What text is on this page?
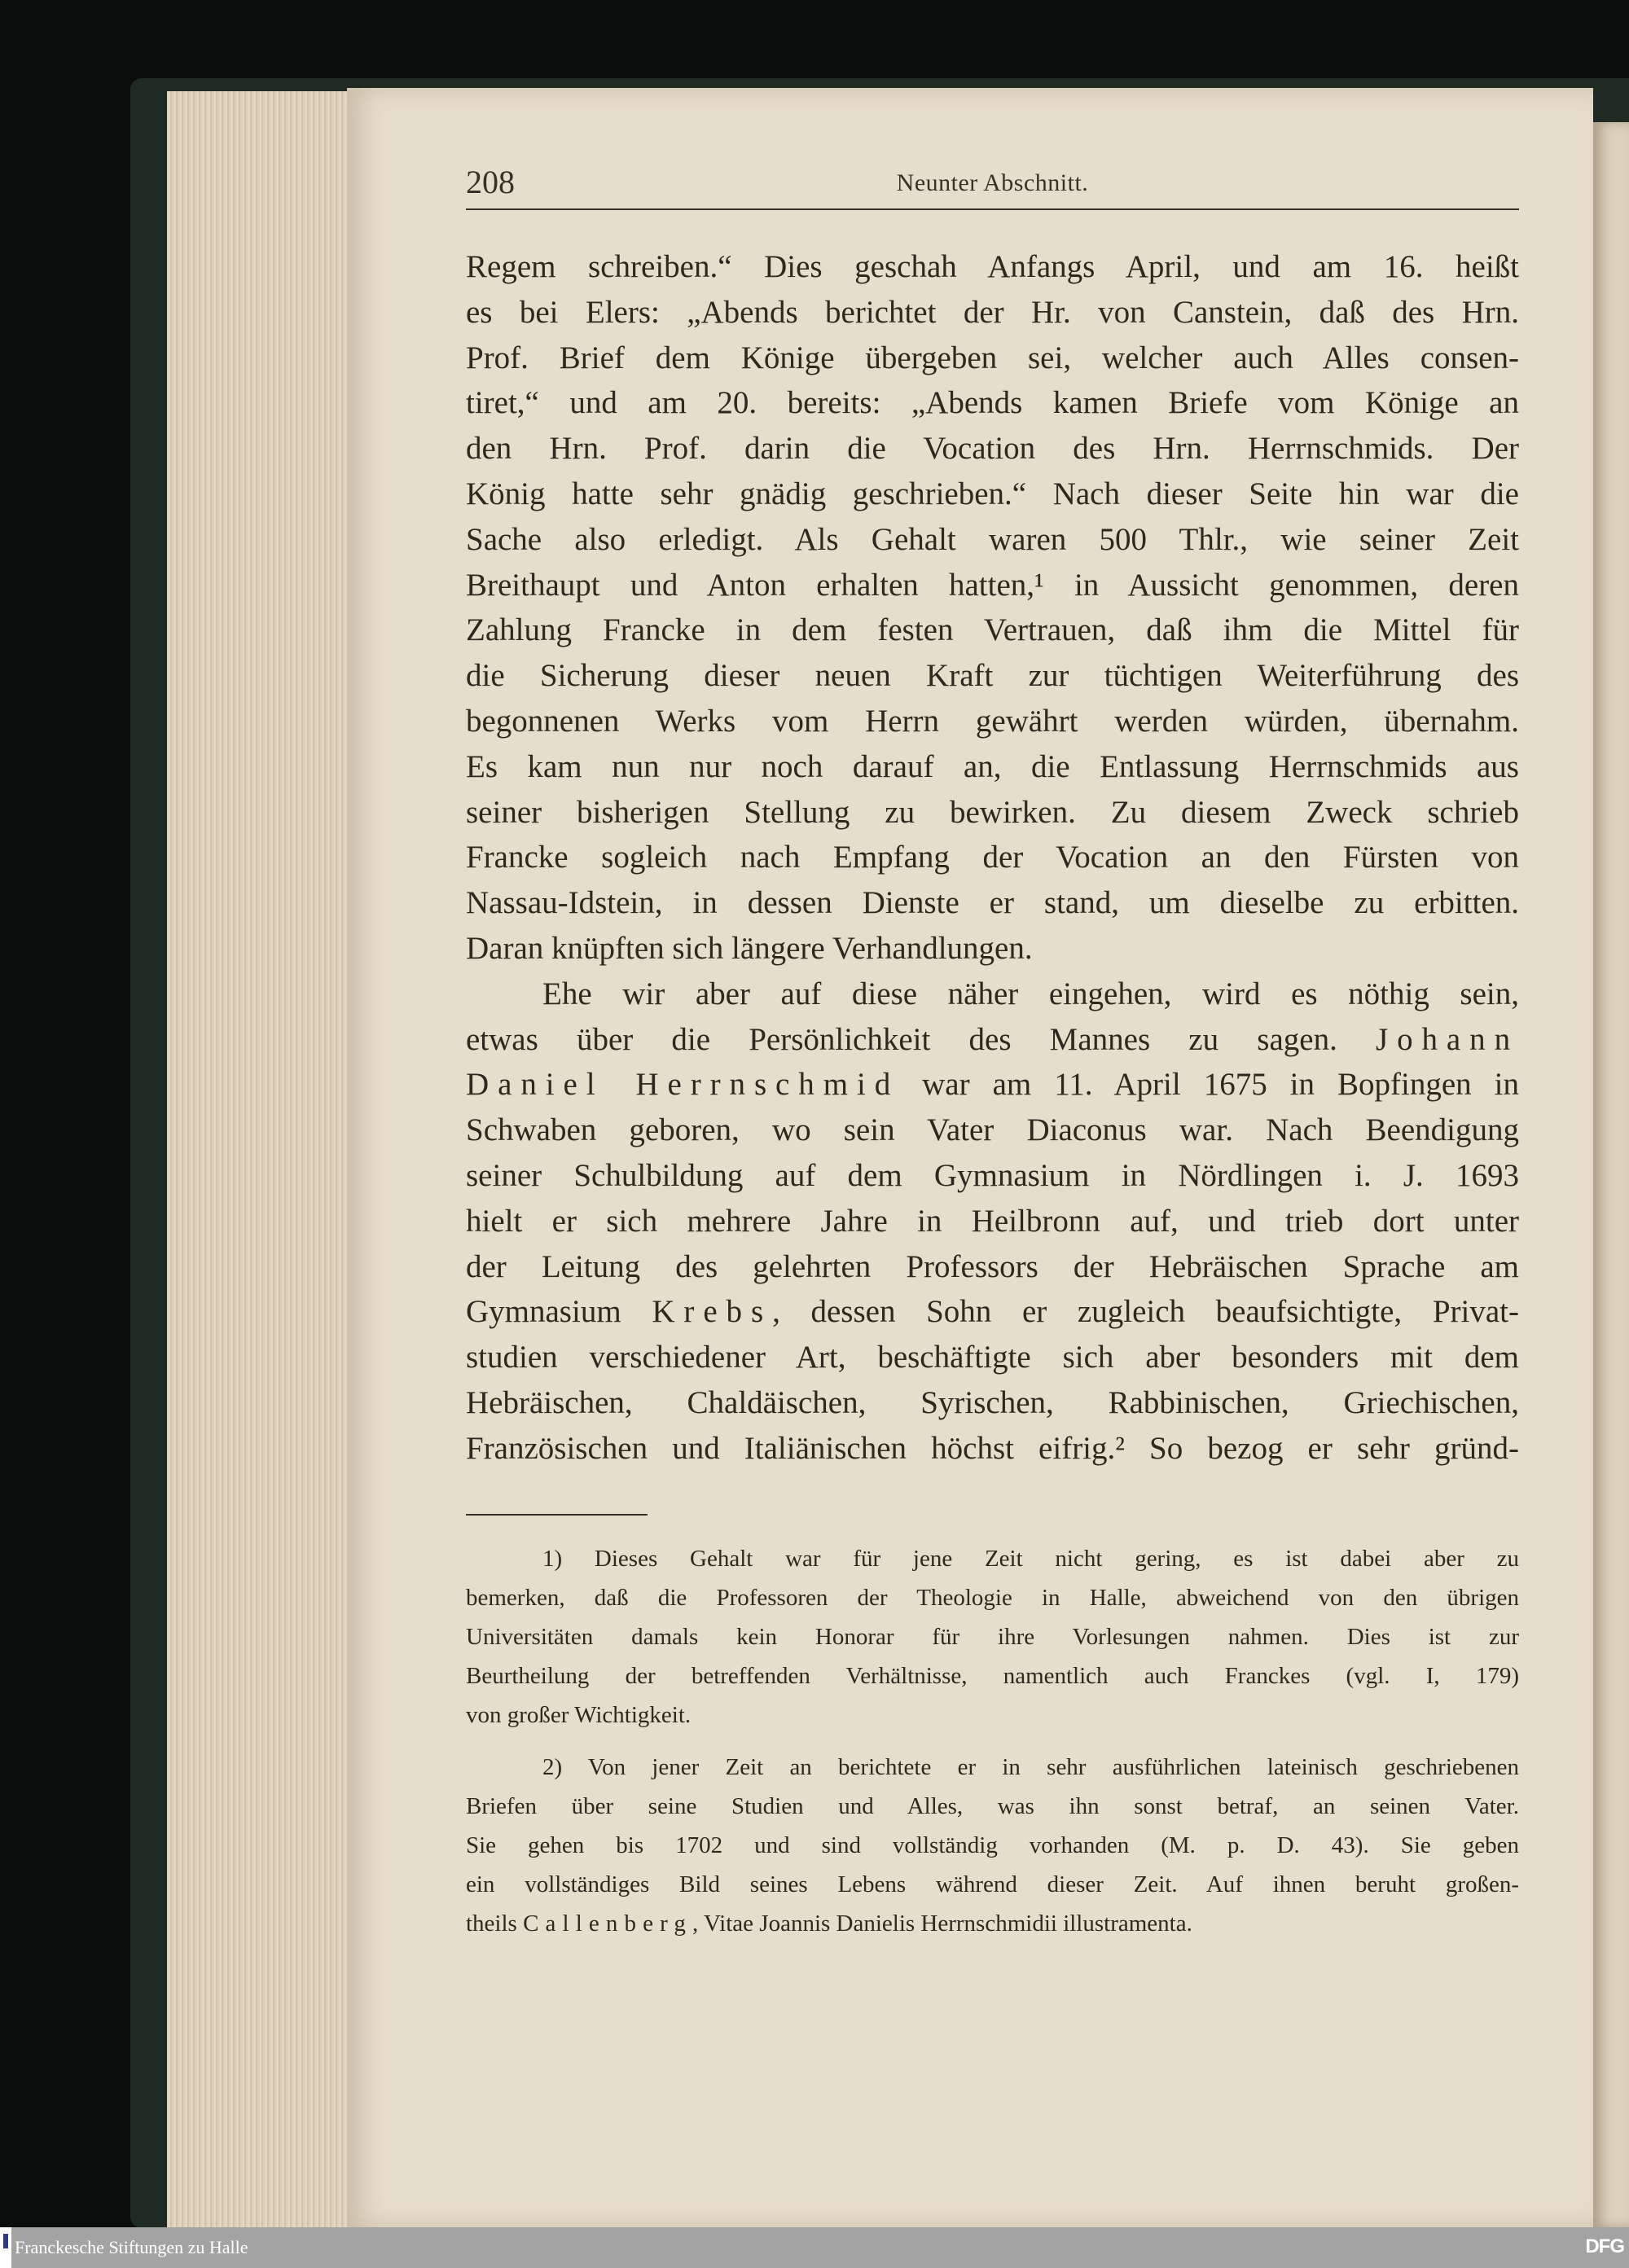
208	Neunter Abschnitt.
Regem schreiben.“ Dies geschah Anfangs April, und am 16. heißt
es bei Elers: „Abends berichtet der Hr. von Canstein, daß des Hrn.
Prof. Brief dem Könige übergeben sei, welcher auch Alles consen-
tiret,“ und am 20. bereits: „Abends kamen Briefe vom Könige an
den Hrn. Prof. darin die Vocation des Hrn. Herrnschmids. Der
König hatte sehr gnädig geschrieben.“ Nach dieser Seite hin war die
Sache also erledigt. Als Gehalt waren 500 Thlr., wie seiner Zeit
Breithaupt und Anton erhalten hatten,¹ in Aussicht genommen, deren
Zahlung Francke in dem festen Vertrauen, daß ihm die Mittel für
die Sicherung dieser neuen Kraft zur tüchtigen Weiterführung des
begonnenen Werks vom Herrn gewährt werden würden, übernahm.
Es kam nun nur noch darauf an, die Entlassung Herrnschmids aus
seiner bisherigen Stellung zu bewirken. Zu diesem Zweck schrieb
Francke sogleich nach Empfang der Vocation an den Fürsten von
Nassau-Idstein, in dessen Dienste er stand, um dieselbe zu erbitten.
Daran knüpften sich längere Verhandlungen.
Ehe wir aber auf diese näher eingehen, wird es nöthig sein,
etwas über die Persönlichkeit des Mannes zu sagen. Johann
Daniel Herrnschmid war am 11. April 1675 in Bopfingen in
Schwaben geboren, wo sein Vater Diaconus war. Nach Beendigung
seiner Schulbildung auf dem Gymnasium in Nördlingen i. J. 1693
hielt er sich mehrere Jahre in Heilbronn auf, und trieb dort unter
der Leitung des gelehrten Professors der Hebräischen Sprache am
Gymnasium Krebs, dessen Sohn er zugleich beaufsichtigte, Privat-
studien verschiedener Art, beschäftigte sich aber besonders mit dem
Hebräischen, Chaldäischen, Syrischen, Rabbinischen, Griechischen,
Französischen und Italiänischen höchst eifrig.² So bezog er sehr gründ-
1) Dieses Gehalt war für jene Zeit nicht gering, es ist dabei aber zu
bemerken, daß die Professoren der Theologie in Halle, abweichend von den übrigen
Universitäten damals kein Honorar für ihre Vorlesungen nahmen. Dies ist zur
Beurtheilung der betreffenden Verhältnisse, namentlich auch Franckes (vgl. I, 179)
von großer Wichtigkeit.
2) Von jener Zeit an berichtete er in sehr ausführlichen lateinisch geschriebenen
Briefen über seine Studien und Alles, was ihn sonst betraf, an seinen Vater.
Sie gehen bis 1702 und sind vollständig vorhanden (M. p. D. 43). Sie geben
ein vollständiges Bild seines Lebens während dieser Zeit. Auf ihnen beruht großen-
theils Callenberg, Vitae Joannis Danielis Herrnschmidii illustramenta.
Franckesche Stiftungen zu Halle	DFG
